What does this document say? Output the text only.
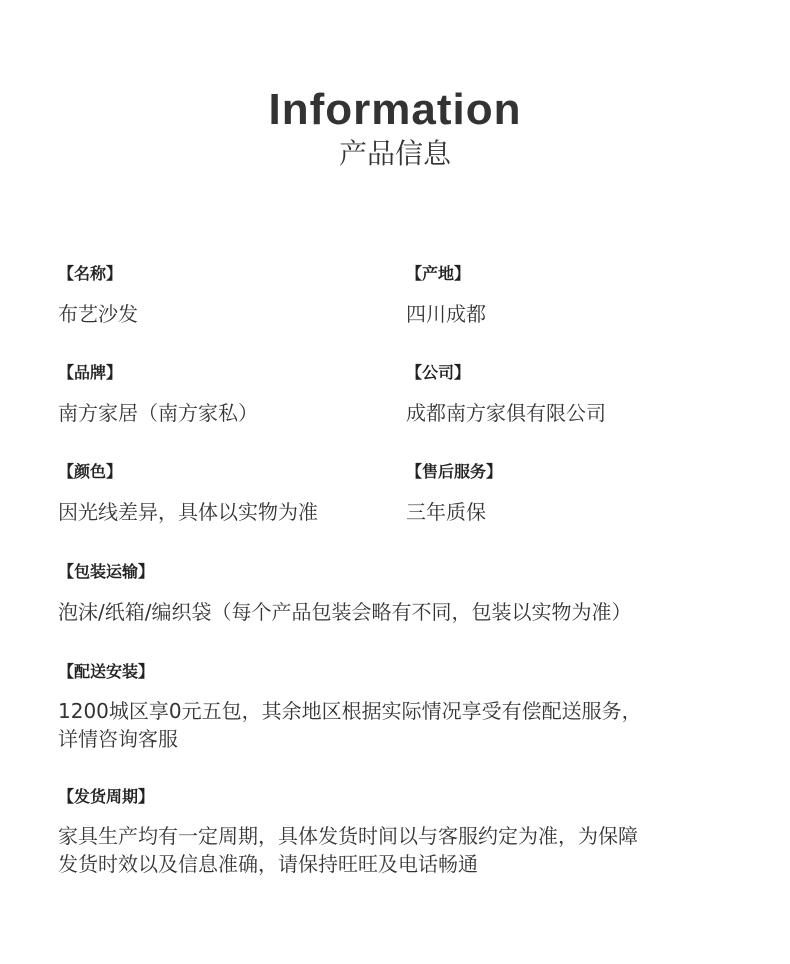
Information
产品信息
【名称】
布艺沙发
【产地】
四川成都
【品牌】
南方家居（南方家私）
【公司】
成都南方家俱有限公司
【颜色】
因光线差异，具体以实物为准
【售后服务】
三年质保
【包装运输】
泡沫/纸箱/编织袋（每个产品包装会略有不同，包装以实物为准）
【配送安装】
1200城区享0元五包，其余地区根据实际情况享受有偿配送服务，
详情咨询客服
【发货周期】
家具生产均有一定周期，具体发货时间以与客服约定为准，为保障
发货时效以及信息准确，请保持旺旺及电话畅通
